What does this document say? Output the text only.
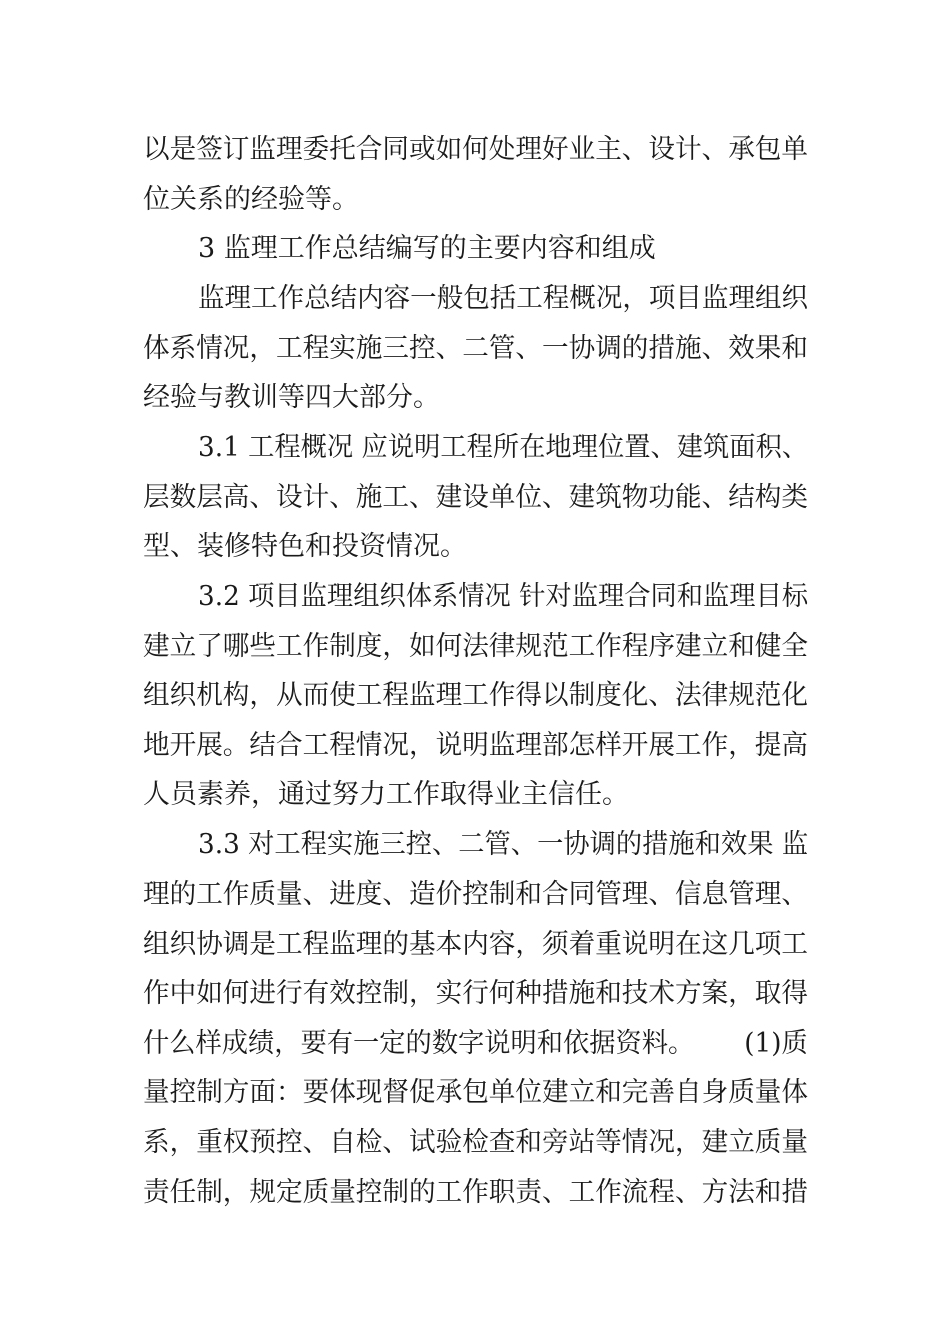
以是签订监理委托合同或如何处理好业主、设计、承包单
位关系的经验等。
3 监理工作总结编写的主要内容和组成
监理工作总结内容一般包括工程概况，项目监理组织
体系情况，工程实施三控、二管、一协调的措施、效果和
经验与教训等四大部分。
3.1 工程概况 应说明工程所在地理位置、建筑面积、
层数层高、设计、施工、建设单位、建筑物功能、结构类
型、装修特色和投资情况。
3.2 项目监理组织体系情况 针对监理合同和监理目标
建立了哪些工作制度，如何法律规范工作程序建立和健全
组织机构，从而使工程监理工作得以制度化、法律规范化
地开展。结合工程情况，说明监理部怎样开展工作，提高
人员素养，通过努力工作取得业主信任。
3.3 对工程实施三控、二管、一协调的措施和效果 监
理的工作质量、进度、造价控制和合同管理、信息管理、
组织协调是工程监理的基本内容，须着重说明在这几项工
作中如何进行有效控制，实行何种措施和技术方案，取得
什么样成绩，要有一定的数字说明和依据资料。      (1)质
量控制方面：要体现督促承包单位建立和完善自身质量体
系，重权预控、自检、试验检查和旁站等情况，建立质量
责任制，规定质量控制的工作职责、工作流程、方法和措
